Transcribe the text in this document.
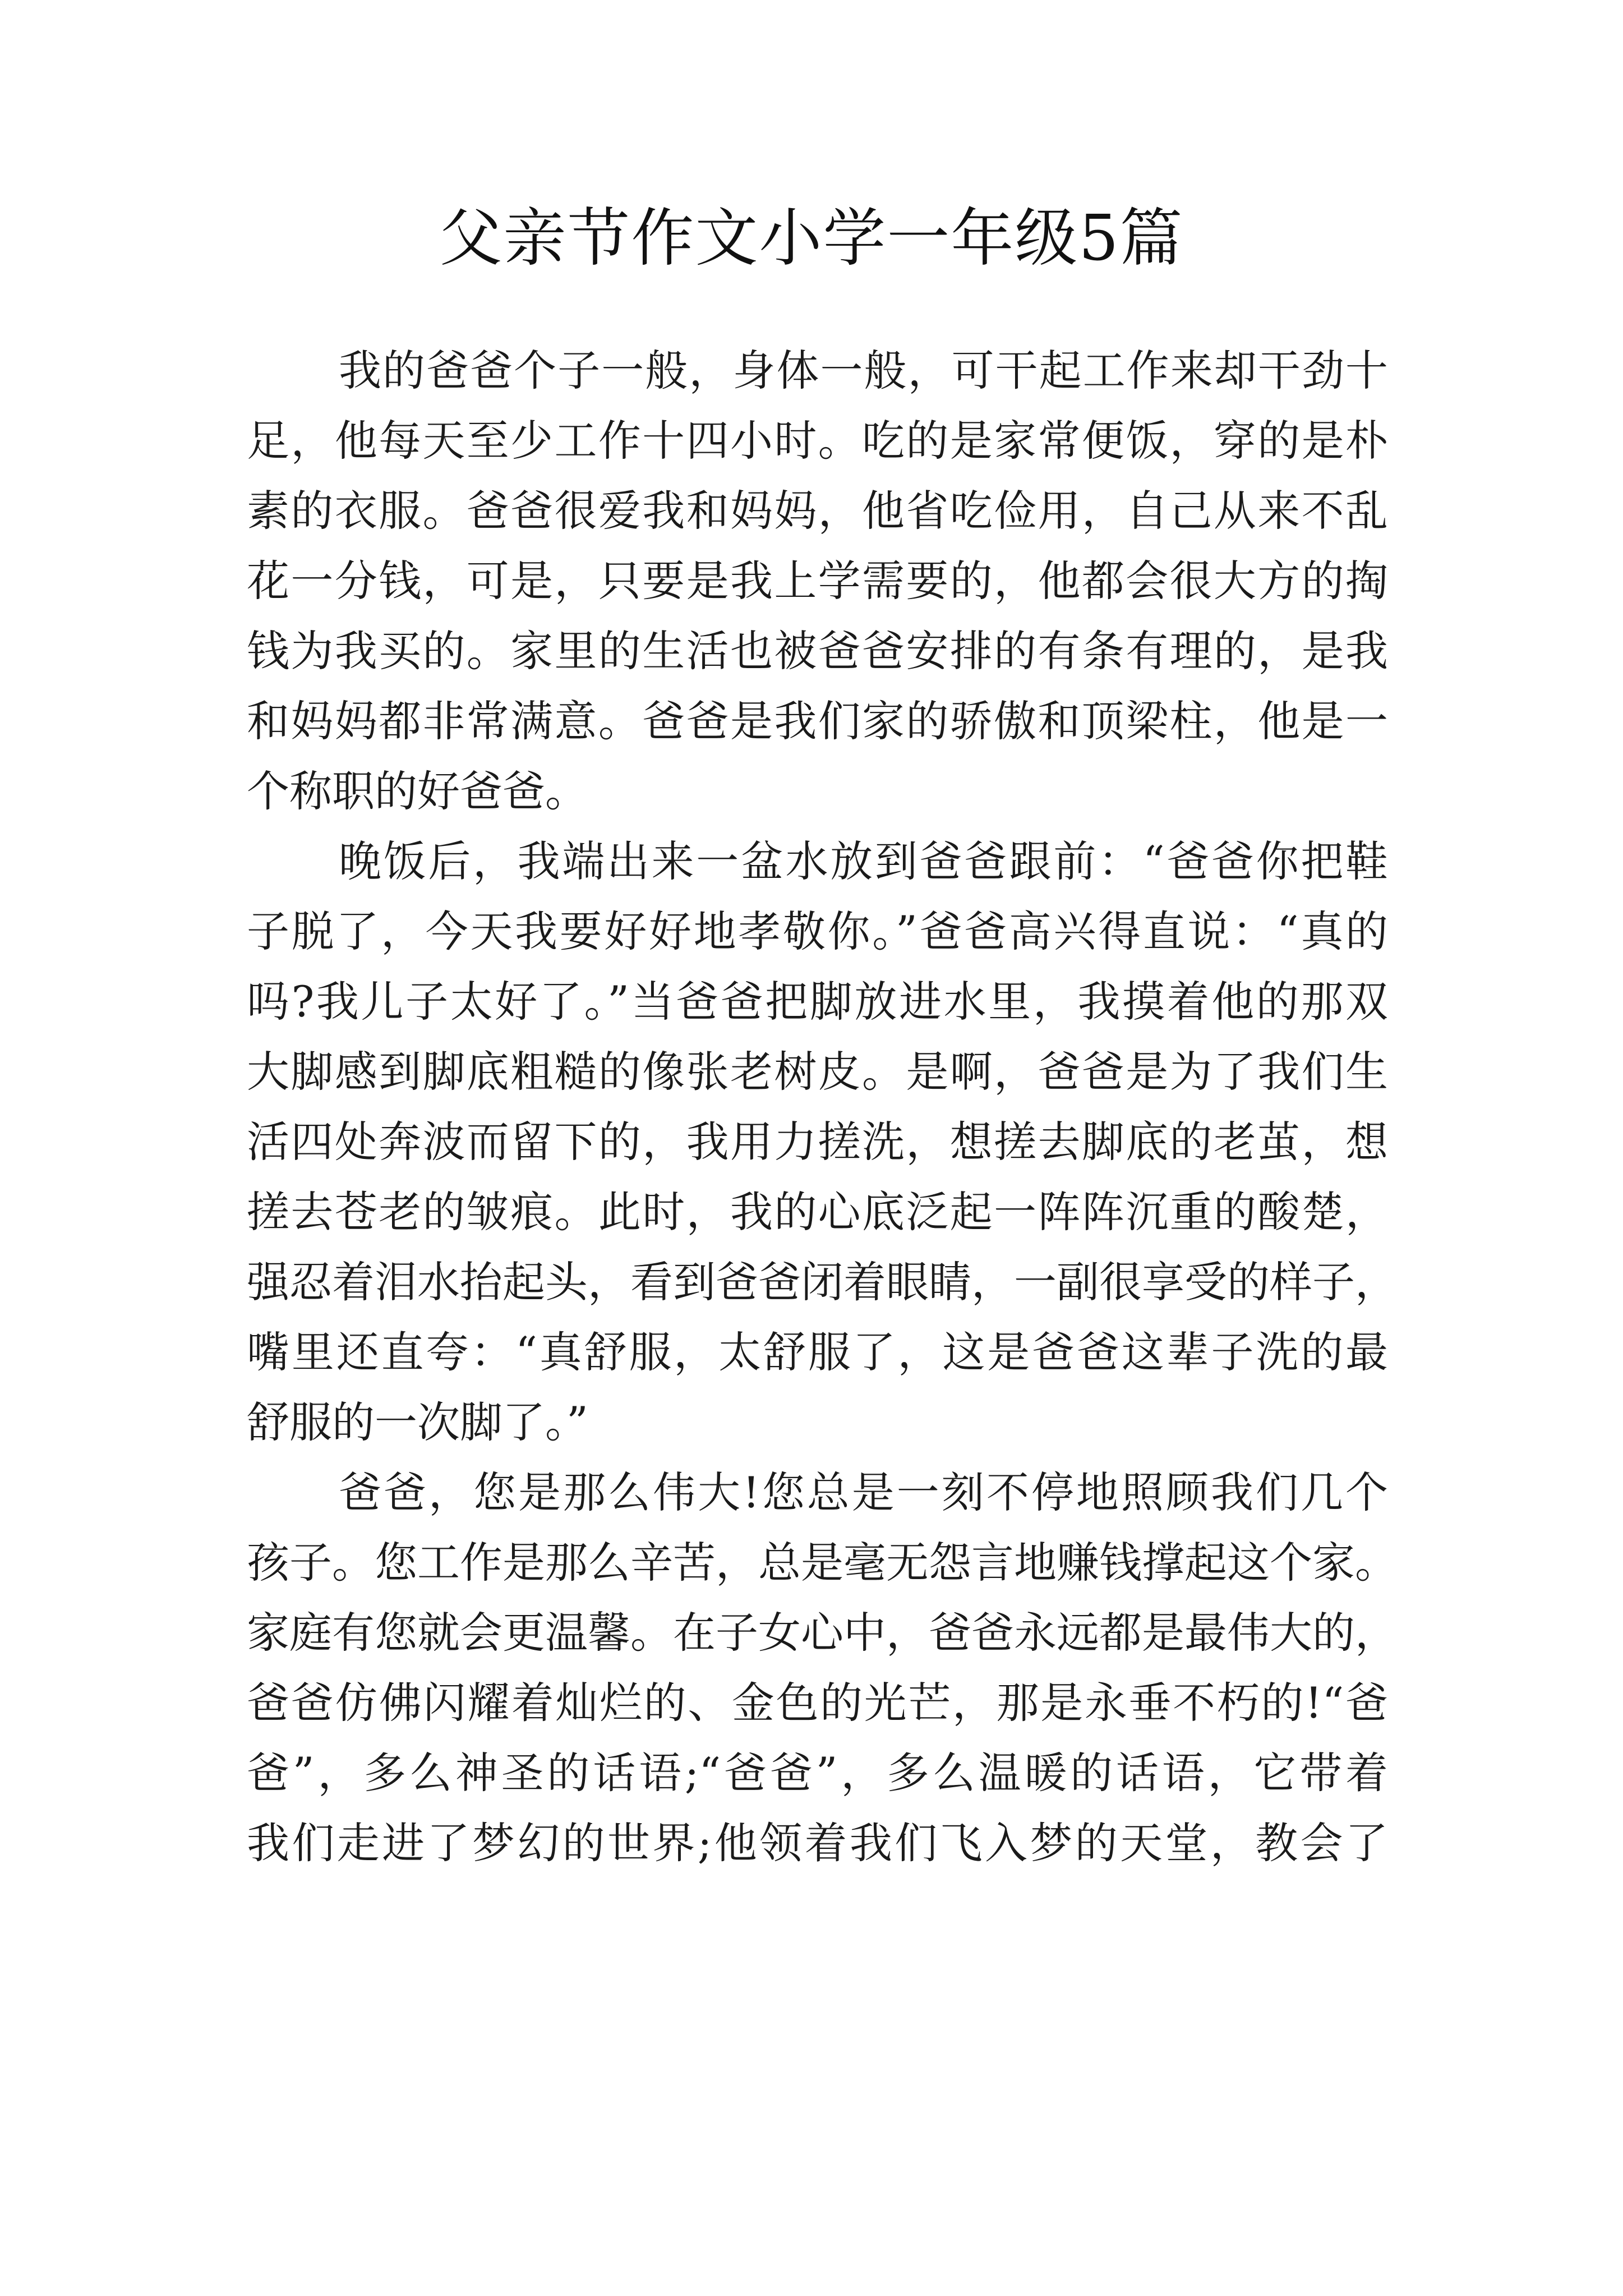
父亲节作文小学一年级5篇
我的爸爸个子一般，身体一般，可干起工作来却干劲十
足，他每天至少工作十四小时。吃的是家常便饭，穿的是朴
素的衣服。爸爸很爱我和妈妈，他省吃俭用，自己从来不乱
花一分钱，可是，只要是我上学需要的，他都会很大方的掏
钱为我买的。家里的生活也被爸爸安排的有条有理的，是我
和妈妈都非常满意。爸爸是我们家的骄傲和顶梁柱，他是一
个称职的好爸爸。
晚饭后，我端出来一盆水放到爸爸跟前：“爸爸你把鞋
子脱了，今天我要好好地孝敬你。”爸爸高兴得直说：“真的
吗?我儿子太好了。”当爸爸把脚放进水里，我摸着他的那双
大脚感到脚底粗糙的像张老树皮。是啊，爸爸是为了我们生
活四处奔波而留下的，我用力搓洗，想搓去脚底的老茧，想
搓去苍老的皱痕。此时，我的心底泛起一阵阵沉重的酸楚，
强忍着泪水抬起头，看到爸爸闭着眼睛，一副很享受的样子，
嘴里还直夸：“真舒服，太舒服了，这是爸爸这辈子洗的最
舒服的一次脚了。”
爸爸，您是那么伟大!您总是一刻不停地照顾我们几个
孩子。您工作是那么辛苦，总是毫无怨言地赚钱撑起这个家。
家庭有您就会更温馨。在子女心中，爸爸永远都是最伟大的，
爸爸仿佛闪耀着灿烂的、金色的光芒，那是永垂不朽的!“爸
爸”，多么神圣的话语;“爸爸”，多么温暖的话语，它带着
我们走进了梦幻的世界;他领着我们飞入梦的天堂，教会了
